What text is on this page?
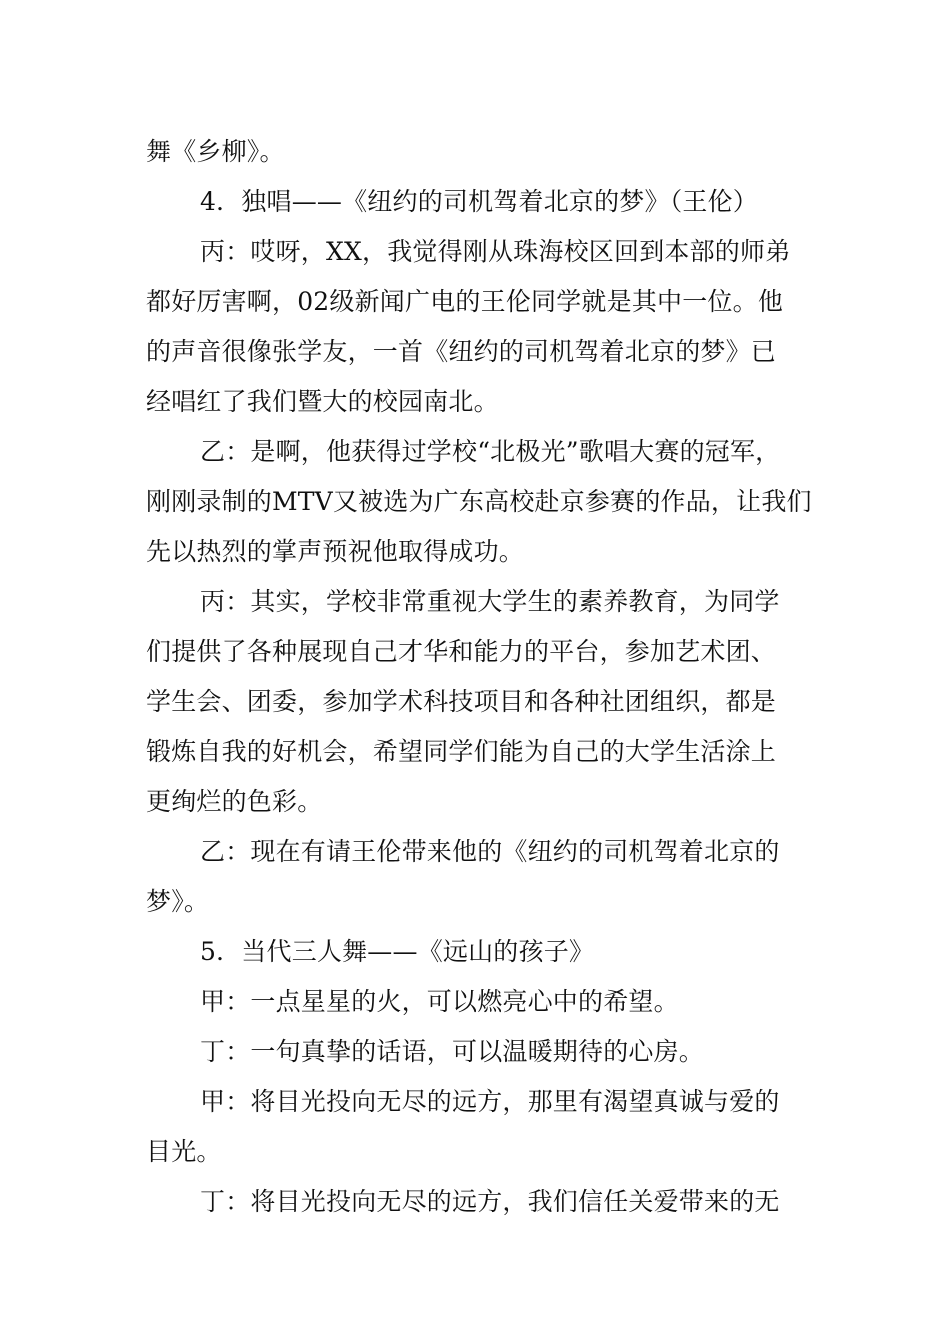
舞《乡柳》。
4．独唱——《纽约的司机驾着北京的梦》（王伦）
丙：哎呀，XX，我觉得刚从珠海校区回到本部的师弟
都好厉害啊，02级新闻广电的王伦同学就是其中一位。他
的声音很像张学友，一首《纽约的司机驾着北京的梦》已
经唱红了我们暨大的校园南北。
乙：是啊，他获得过学校“北极光”歌唱大赛的冠军，
刚刚录制的MTV又被选为广东高校赴京参赛的作品，让我们
先以热烈的掌声预祝他取得成功。
丙：其实，学校非常重视大学生的素养教育，为同学
们提供了各种展现自己才华和能力的平台，参加艺术团、
学生会、团委，参加学术科技项目和各种社团组织，都是
锻炼自我的好机会，希望同学们能为自己的大学生活涂上
更绚烂的色彩。
乙：现在有请王伦带来他的《纽约的司机驾着北京的
梦》。
5．当代三人舞——《远山的孩子》
甲：一点星星的火，可以燃亮心中的希望。
丁：一句真挚的话语，可以温暖期待的心房。
甲：将目光投向无尽的远方，那里有渴望真诚与爱的
目光。
丁：将目光投向无尽的远方，我们信任关爱带来的无
